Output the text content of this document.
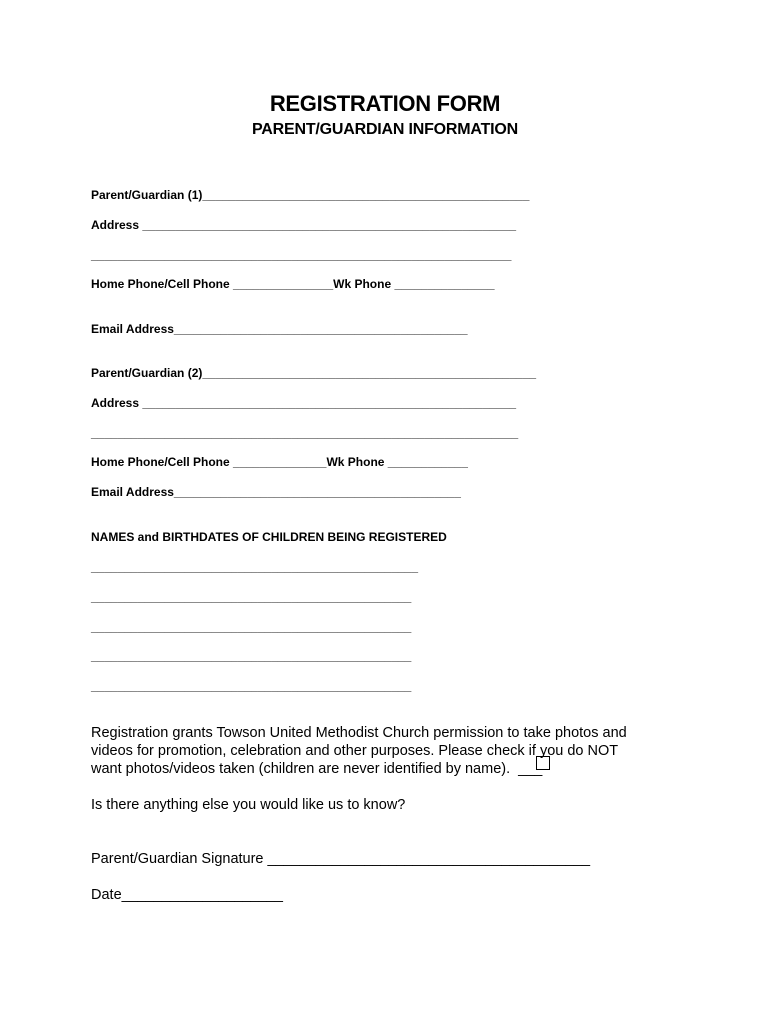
REGISTRATION FORM
PARENT/GUARDIAN INFORMATION
Parent/Guardian (1)_________________________________________________
Address ________________________________________________________
_______________________________________________________________
Home Phone/Cell Phone _______________Wk Phone _______________
Email Address____________________________________________
Parent/Guardian (2)__________________________________________________
Address ________________________________________________________
________________________________________________________________
Home Phone/Cell Phone ______________Wk Phone ____________
Email Address___________________________________________
NAMES and BIRTHDATES OF CHILDREN BEING REGISTERED
_________________________________________________
________________________________________________
________________________________________________
________________________________________________
________________________________________________
Registration grants Towson United Methodist Church permission to take photos and
videos for promotion, celebration and other purposes. Please check if you do NOT
want photos/videos taken (children are never identified by name).  ___
Is there anything else you would like us to know?
Parent/Guardian Signature ________________________________________
Date____________________
